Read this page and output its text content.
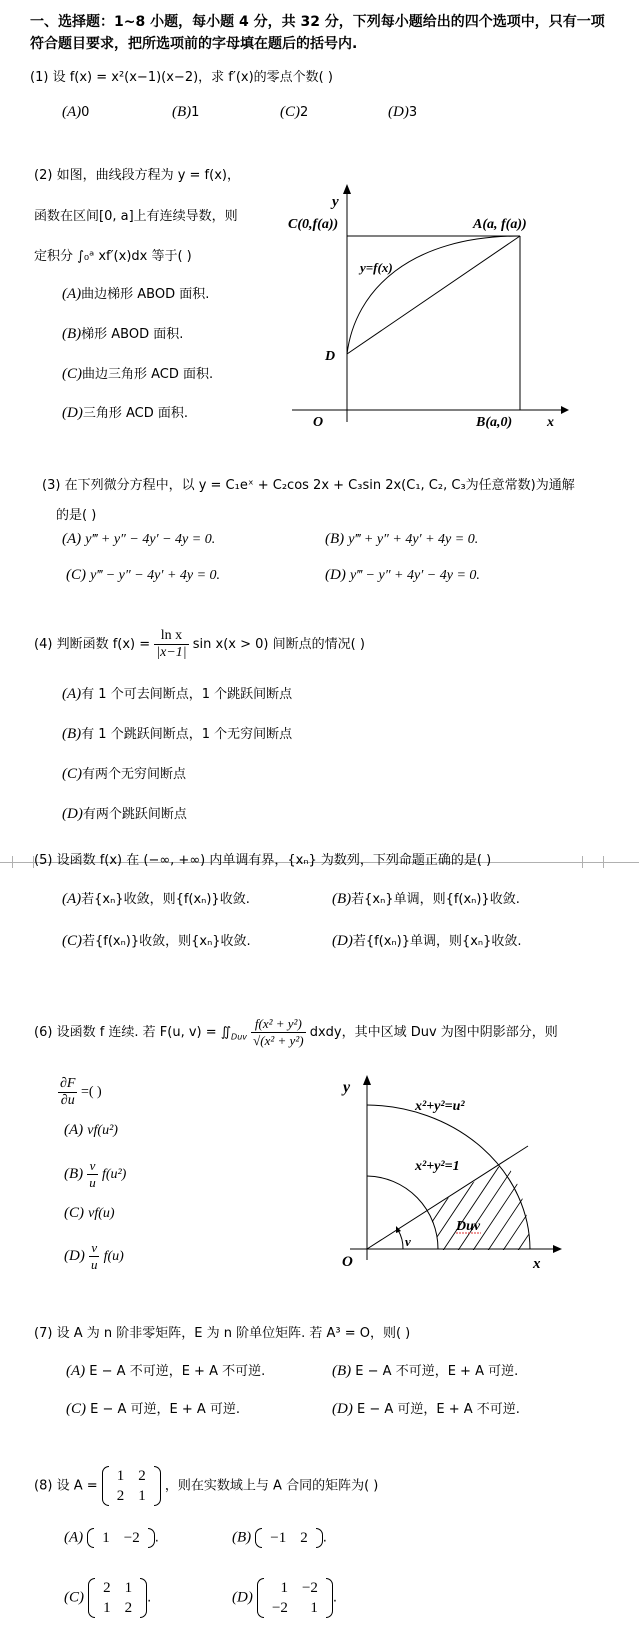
一、选择题：1~8 小题，每小题 4 分，共 32 分，下列每小题给出的四个选项中，只有一项
符合题目要求，把所选项前的字母填在题后的括号内.
(1) 设 f(x) = x²(x−1)(x−2)，求 f′(x)的零点个数( )
(A)0	(B)1	(C)2	(D)3
(2) 如图，曲线段方程为 y = f(x)，
函数在区间[0, a]上有连续导数，则
定积分 ∫₀ᵃ xf′(x)dx 等于( )
(A)曲边梯形 ABOD 面积.
(B)梯形 ABOD 面积.
(C)曲边三角形 ACD 面积.
(D)三角形 ACD 面积.
y
C(0,f(a))	A(a, f(a))
y=f(x)
D
O	B(a,0) x
(3) 在下列微分方程中，以 y = C₁eˣ + C₂cos 2x + C₃sin 2x(C₁, C₂, C₃为任意常数)为通解
的是( )
(A) y‴ + y″ − 4y′ − 4y = 0.	(B) y‴ + y″ + 4y′ + 4y = 0.
(C) y‴ − y″ − 4y′ + 4y = 0.	(D) y‴ − y″ + 4y′ − 4y = 0.
(4) 判断函数 $f(x) = \frac{\text{ln x}}{|x-1|}$ sin x(x > 0) 间断点的情况( )
(A)有 1 个可去间断点，1 个跳跃间断点
(B)有 1 个跳跃间断点，1 个无穷间断点
(C)有两个无穷间断点
(D)有两个跳跃间断点
(5) 设函数 f(x) 在 (−∞, +∞) 内单调有界，{xₙ} 为数列，下列命题正确的是( )
(A)若{xₙ}收敛，则{f(xₙ)}收敛.	(B)若{xₙ}单调，则{f(xₙ)}收敛.
(C)若{f(xₙ)}收敛，则{xₙ}收敛.	(D)若{f(xₙ)}单调，则{xₙ}收敛.
(6) 设函数 f 连续. 若 F(u, $v) = ∬_{Duv} \frac{\text{f(x² + y²)}}{\text{√(x² + y²)}}$ dxdy，其中区域 Duv 为图中阴影部分，则
$\frac{\partial F}{\partial u}$ =( )
(A) vf(u²)
$(B) \frac{v}{u} f(u^2)$
(C) vf(u)
$(D) \frac{v}{u} f(u)$
y
x²+y²=u²
x²+y²=1
Duv
v
O	x
(7) 设 A 为 n 阶非零矩阵，E 为 n 阶单位矩阵. 若 A³ = O，则( )
(A) E − A 不可逆，E + A 不可逆.	(B) E − A 不可逆，E + A 可逆.
(C) E − A 可逆，E + A 可逆.	(D) E − A 可逆，E + A 不可逆.
(8) 设 A =
1	2
2	1
，则在实数域上与 A 合同的矩阵为( )
(A)
	1	−2 .	(B)
	−1	2 .
(C)
2	1
1	2
.	(D)
1	−2
−2	1
.
